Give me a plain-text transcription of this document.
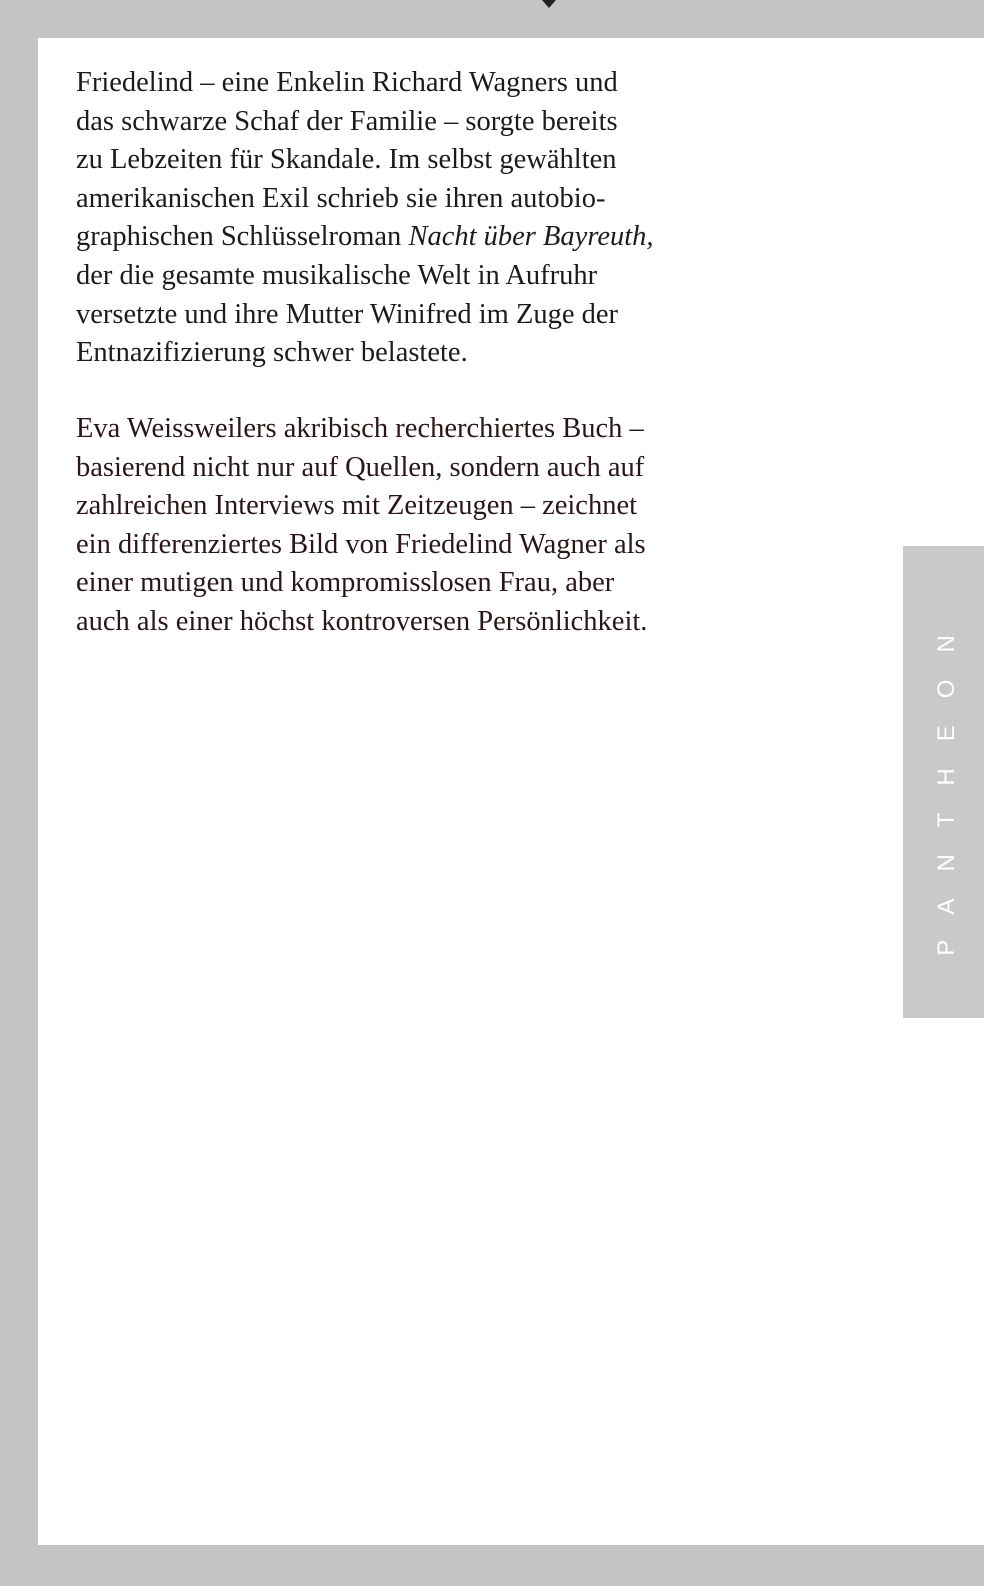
Friedelind – eine Enkelin Richard Wagners und
das schwarze Schaf der Familie – sorgte bereits
zu Lebzeiten für Skandale. Im selbst gewählten
amerikanischen Exil schrieb sie ihren autobio-
graphischen Schlüsselroman Nacht über Bayreuth,
der die gesamte musikalische Welt in Aufruhr
versetzte und ihre Mutter Winifred im Zuge der
Entnazifizierung schwer belastete.

Eva Weissweilers akribisch recherchiertes Buch –
basierend nicht nur auf Quellen, sondern auch auf
zahlreichen Interviews mit Zeitzeugen – zeichnet
ein differenziertes Bild von Friedelind Wagner als
einer mutigen und kompromisslosen Frau, aber
auch als einer höchst kontroversen Persönlichkeit.	PANTHEON
